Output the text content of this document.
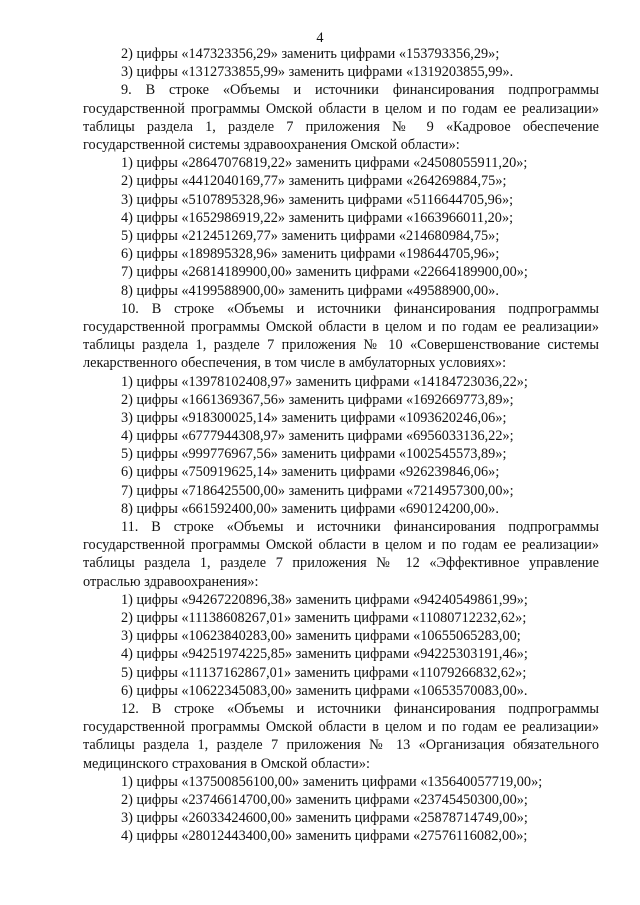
4
2) цифры «147323356,29» заменить цифрами «153793356,29»;
3) цифры «1312733855,99» заменить цифрами «1319203855,99».
9. В строке «Объемы и источники финансирования подпрограммы государственной программы Омской области в целом и по годам ее реализации» таблицы раздела 1, разделе 7 приложения № 9 «Кадровое обеспечение государственной системы здравоохранения Омской области»:
1) цифры «28647076819,22» заменить цифрами «24508055911,20»;
2) цифры «4412040169,77» заменить цифрами «264269884,75»;
3) цифры «5107895328,96» заменить цифрами «5116644705,96»;
4) цифры «1652986919,22» заменить цифрами «1663966011,20»;
5) цифры «212451269,77» заменить цифрами «214680984,75»;
6) цифры «189895328,96» заменить цифрами «198644705,96»;
7) цифры «26814189900,00» заменить цифрами «22664189900,00»;
8) цифры «4199588900,00» заменить цифрами «49588900,00».
10. В строке «Объемы и источники финансирования подпрограммы государственной программы Омской области в целом и по годам ее реализации» таблицы раздела 1, разделе 7 приложения № 10 «Совершенствование системы лекарственного обеспечения, в том числе в амбулаторных условиях»:
1) цифры «13978102408,97» заменить цифрами «14184723036,22»;
2) цифры «1661369367,56» заменить цифрами «1692669773,89»;
3) цифры «918300025,14» заменить цифрами «1093620246,06»;
4) цифры «6777944308,97» заменить цифрами «6956033136,22»;
5) цифры «999776967,56» заменить цифрами «1002545573,89»;
6) цифры «750919625,14» заменить цифрами «926239846,06»;
7) цифры «7186425500,00» заменить цифрами «7214957300,00»;
8) цифры «661592400,00» заменить цифрами «690124200,00».
11. В строке «Объемы и источники финансирования подпрограммы государственной программы Омской области в целом и по годам ее реализации» таблицы раздела 1, разделе 7 приложения № 12 «Эффективное управление отраслью здравоохранения»:
1) цифры «94267220896,38» заменить цифрами «94240549861,99»;
2) цифры «11138608267,01» заменить цифрами «11080712232,62»;
3) цифры «10623840283,00» заменить цифрами «10655065283,00;
4) цифры «94251974225,85» заменить цифрами «94225303191,46»;
5) цифры «11137162867,01» заменить цифрами «11079266832,62»;
6) цифры «10622345083,00» заменить цифрами «10653570083,00».
12. В строке «Объемы и источники финансирования подпрограммы государственной программы Омской области в целом и по годам ее реализации» таблицы раздела 1, разделе 7 приложения № 13 «Организация обязательного медицинского страхования в Омской области»:
1) цифры «137500856100,00» заменить цифрами «135640057719,00»;
2) цифры «23746614700,00» заменить цифрами «23745450300,00»;
3) цифры «26033424600,00» заменить цифрами «25878714749,00»;
4) цифры «28012443400,00» заменить цифрами «27576116082,00»;
